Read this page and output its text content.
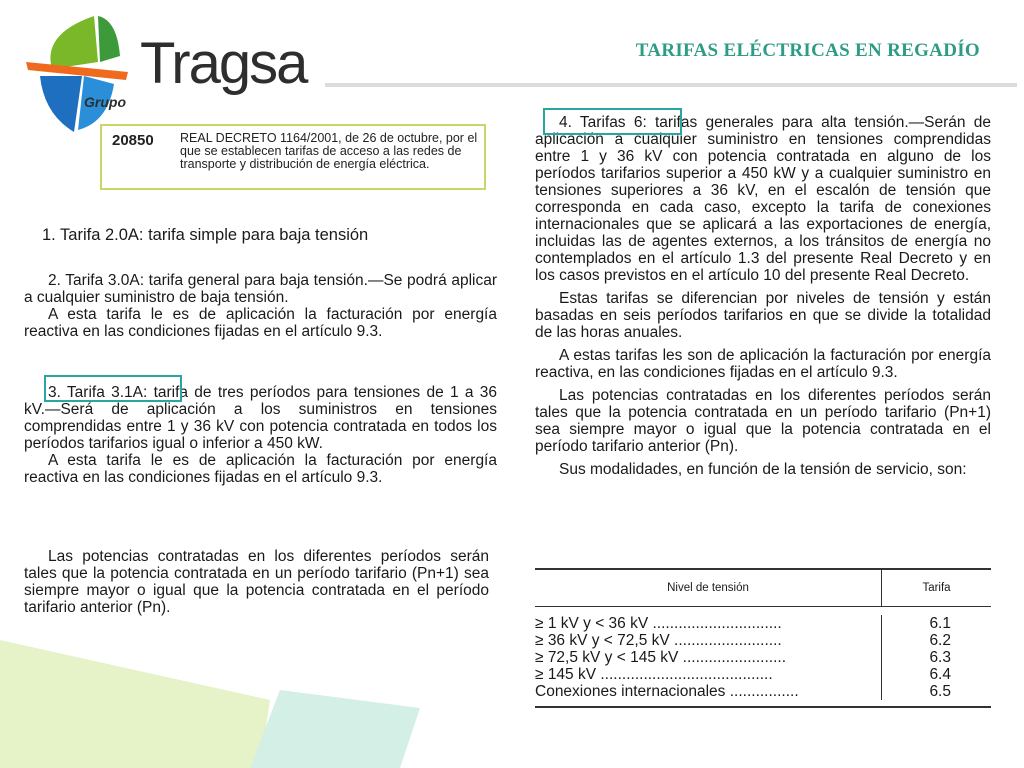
Tragsa
Grupo
TARIFAS ELÉCTRICAS EN REGADÍO
20850 REAL DECRETO 1164/2001, de 26 de octubre, por el que se establecen tarifas de acceso a las redes de transporte y distribución de energía eléctrica.

1. Tarifa 2.0A: tarifa simple para baja tensión

2. Tarifa 3.0A: tarifa general para baja tensión.—Se podrá aplicar a cualquier suministro de baja tensión.

A esta tarifa le es de aplicación la facturación por energía reactiva en las condiciones fijadas en el artículo 9.3.

3. Tarifa 3.1A: tarifa de tres períodos para tensiones de 1 a 36 kV.—Será de aplicación a los suministros en tensiones comprendidas entre 1 y 36 kV con potencia contratada en todos los períodos tarifarios igual o inferior a 450 kW.

A esta tarifa le es de aplicación la facturación por energía reactiva en las condiciones fijadas en el artículo 9.3.

Las potencias contratadas en los diferentes períodos serán tales que la potencia contratada en un período tarifario (Pn+1) sea siempre mayor o igual que la potencia contratada en el período tarifario anterior (Pn).

4. Tarifas 6: tarifas generales para alta tensión.—Serán de aplicación a cualquier suministro en tensiones comprendidas entre 1 y 36 kV con potencia contratada en alguno de los períodos tarifarios superior a 450 kW y a cualquier suministro en tensiones superiores a 36 kV, en el escalón de tensión que corresponda en cada caso, excepto la tarifa de conexiones internacionales que se aplicará a las exportaciones de energía, incluidas las de agentes externos, a los tránsitos de energía no contemplados en el artículo 1.3 del presente Real Decreto y en los casos previstos en el artículo 10 del presente Real Decreto.

Estas tarifas se diferencian por niveles de tensión y están basadas en seis períodos tarifarios en que se divide la totalidad de las horas anuales.

A estas tarifas les son de aplicación la facturación por energía reactiva, en las condiciones fijadas en el artículo 9.3.

Las potencias contratadas en los diferentes períodos serán tales que la potencia contratada en un período tarifario (Pn+1) sea siempre mayor o igual que la potencia contratada en el período tarifario anterior (Pn).

Sus modalidades, en función de la tensión de servicio, son:

Nivel de tensión	Tarifa
≥ 1 kV y < 36 kV ..............................
≥ 36 kV y < 72,5 kV .........................
≥ 72,5 kV y < 145 kV ........................
≥ 145 kV ........................................
Conexiones internacionales ................
6.1
6.2
6.3
6.4
6.5
